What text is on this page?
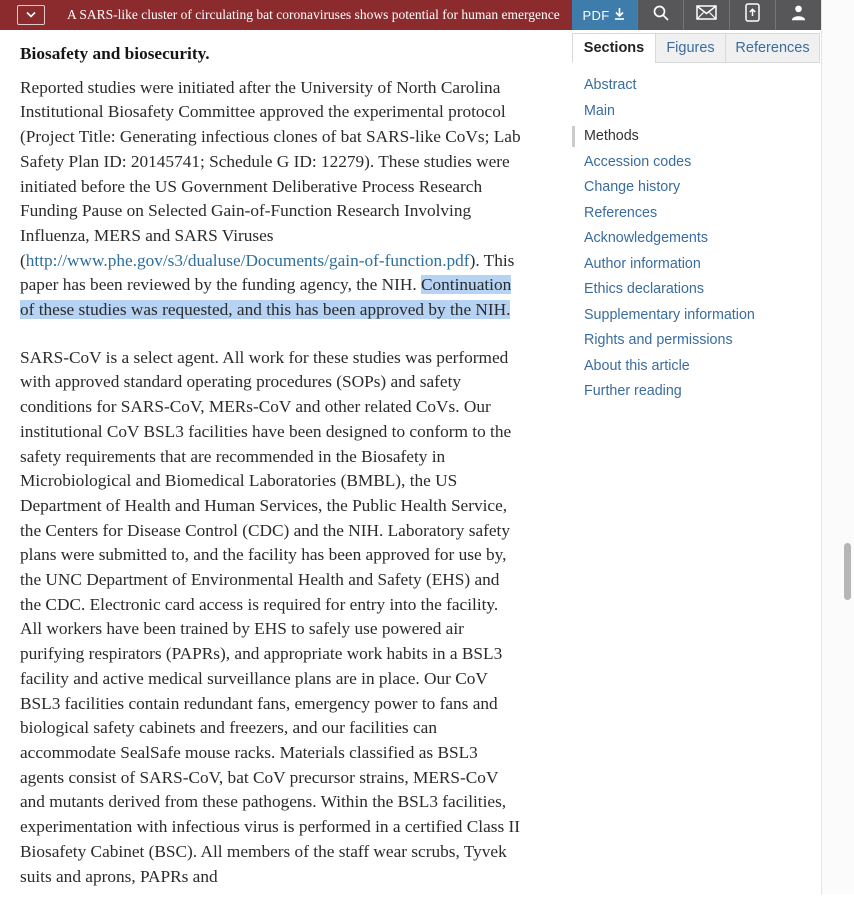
A SARS-like cluster of circulating bat coronaviruses shows potential for human emergence PDF
Biosafety and biosecurity.

Reported studies were initiated after the University of North Carolina Institutional Biosafety Committee approved the experimental protocol (Project Title: Generating infectious clones of bat SARS-like CoVs; Lab Safety Plan ID: 20145741; Schedule G ID: 12279). These studies were initiated before the US Government Deliberative Process Research Funding Pause on Selected Gain-of-Function Research Involving Influenza, MERS and SARS Viruses (http://www.phe.gov/s3/dualuse/Documents/gain-of-function.pdf). This paper has been reviewed by the funding agency, the NIH. Continuation of these studies was requested, and this has been approved by the NIH.

SARS-CoV is a select agent. All work for these studies was performed with approved standard operating procedures (SOPs) and safety conditions for SARS-CoV, MERs-CoV and other related CoVs. Our institutional CoV BSL3 facilities have been designed to conform to the safety requirements that are recommended in the Biosafety in Microbiological and Biomedical Laboratories (BMBL), the US Department of Health and Human Services, the Public Health Service, the Centers for Disease Control (CDC) and the NIH. Laboratory safety plans were submitted to, and the facility has been approved for use by, the UNC Department of Environmental Health and Safety (EHS) and the CDC. Electronic card access is required for entry into the facility. All workers have been trained by EHS to safely use powered air purifying respirators (PAPRs), and appropriate work habits in a BSL3 facility and active medical surveillance plans are in place. Our CoV BSL3 facilities contain redundant fans, emergency power to fans and biological safety cabinets and freezers, and our facilities can accommodate SealSafe mouse racks. Materials classified as BSL3 agents consist of SARS-CoV, bat CoV precursor strains, MERS-CoV and mutants derived from these pathogens. Within the BSL3 facilities, experimentation with infectious virus is performed in a certified Class II Biosafety Cabinet (BSC). All members of the staff wear scrubs, Tyvek suits and aprons, PAPRs and

Sections	Figures	References
Abstract
Main
Methods
Accession codes
Change history
References
Acknowledgements
Author information
Ethics declarations
Supplementary information
Rights and permissions
About this article
Further reading
